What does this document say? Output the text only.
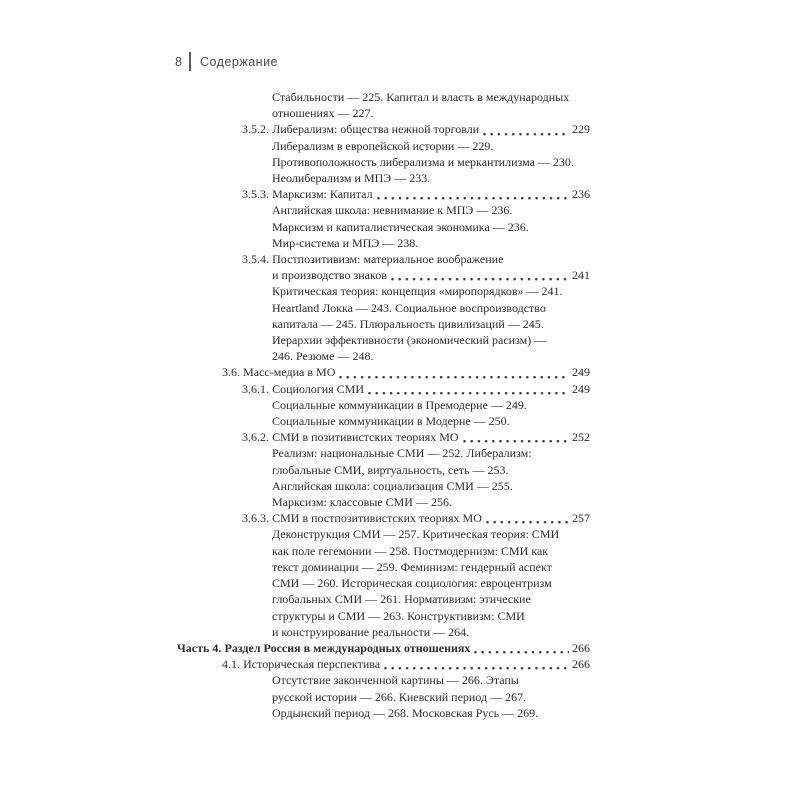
8 Содержание
Стабильности — 225. Капитал и власть в международных
отношениях — 227.
3.5.2. Либерализм: общества нежной торговли	229
Либерализм в европейской истории — 229.
Противоположность либерализма и меркантилизма — 230.
Неолиберализм и МПЭ — 233.
3.5.3. Марксизм: Капитал	236
Английская школа: невнимание к МПЭ — 236.
Марксизм и капиталистическая экономика — 236.
Мир-система и МПЭ — 238.
3.5.4. Постпозитивизм: материальное воображение
и производство знаков	241
Критическая теория: концепция «миропорядков» — 241.
Heartland Локка — 243. Социальное воспроизводство
капитала — 245. Плюральность цивилизаций — 245.
Иерархии эффективности (экономический расизм) —
246. Резюме — 248.
3.6. Масс-медиа в МО	249
3.6.1. Социология СМИ	249
Социальные коммуникации в Премодерне — 249.
Социальные коммуникации в Модерне — 250.
3.6.2. СМИ в позитивистских теориях МО	252
Реализм: национальные СМИ — 252. Либерализм:
глобальные СМИ, виртуальность, сеть — 253.
Английская школа: социализация СМИ — 255.
Марксизм: классовые СМИ — 256.
3.6.3. СМИ в постпозитивистских теориях МО	257
Деконструкция СМИ — 257. Критическая теория: СМИ
как поле гегемонии — 258. Постмодернизм: СМИ как
текст доминации — 259. Феминизм: гендерный аспект
СМИ — 260. Историческая социология: евроцентризм
глобальных СМИ — 261. Нормативизм: этические
структуры и СМИ — 263. Конструктивизм: СМИ
и конструирование реальности — 264.
Часть 4. Раздел Россия в международных отношениях	266
4.1. Историческая перспектива	266
Отсутствие законченной картины — 266. Этапы
русской истории — 266. Киевский период — 267.
Ордынский период — 268. Московская Русь — 269.
